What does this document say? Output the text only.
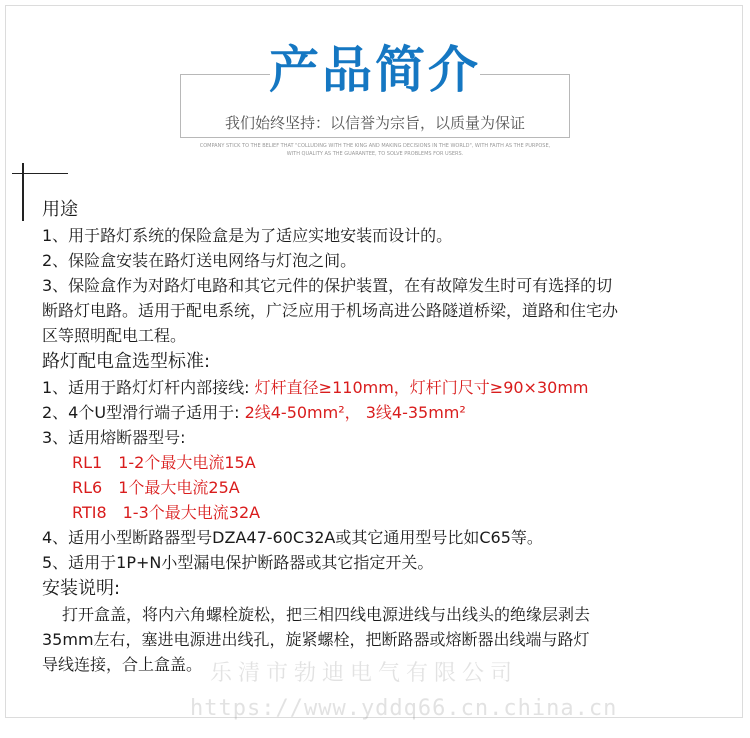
产品简介
我们始终坚持：以信誉为宗旨，以质量为保证
COMPANY STICK TO THE BELIEF THAT "COLLUDING WITH THE KING AND MAKING DECISIONS IN THE WORLD", WITH FAITH AS THE PURPOSE,
WITH QUALITY AS THE GUARANTEE, TO SOLVE PROBLEMS FOR USERS.
用途
1、用于路灯系统的保险盒是为了适应实地安装而设计的。
2、保险盒安装在路灯送电网络与灯泡之间。
3、保险盒作为对路灯电路和其它元件的保护装置，在有故障发生时可有选择的切
断路灯电路。适用于配电系统，广泛应用于机场高进公路隧道桥梁，道路和住宅办
区等照明配电工程。
路灯配电盒选型标准:
1、适用于路灯灯杆内部接线: 灯杆直径≥110mm，灯杆门尺寸≥90×30mm
2、4个U型滑行端子适用于: 2线4-50mm²， 3线4-35mm²
3、适用熔断器型号:
RL1　1-2个最大电流15A
RL6　1个最大电流25A
RTI8　1-3个最大电流32A
4、适用小型断路器型号DZA47-60C32A或其它通用型号比如C65等。
5、适用于1P+N小型漏电保护断路器或其它指定开关。
安装说明:
打开盒盖，将内六角螺栓旋松，把三相四线电源进线与出线头的绝缘层剥去
35mm左右，塞进电源进出线孔，旋紧螺栓，把断路器或熔断器出线端与路灯
导线连接，合上盒盖。 乐清市勃迪电气有限公司
https://www.yddq66.cn.china.cn
